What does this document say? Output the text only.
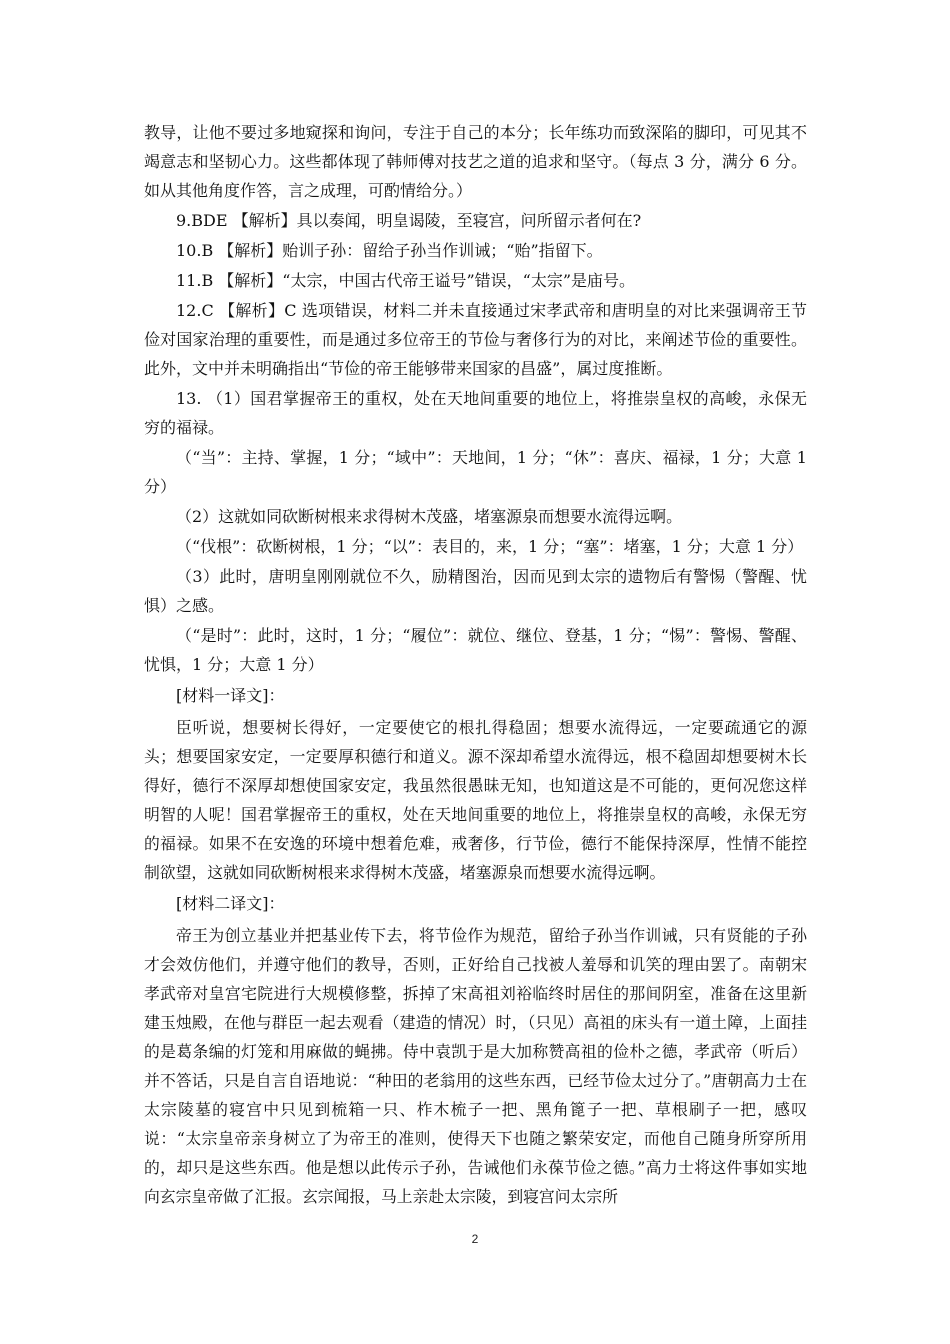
教导，让他不要过多地窥探和询问，专注于自己的本分；长年练功而致深陷的脚印，可见其不竭意志和坚韧心力。这些都体现了韩师傅对技艺之道的追求和坚守。（每点 3 分，满分 6 分。如从其他角度作答，言之成理，可酌情给分。）

9.BDE 【解析】具以奏闻，明皇谒陵，至寝宫，问所留示者何在?

10.B 【解析】贻训子孙：留给子孙当作训诫；“贻”指留下。

11.B 【解析】“太宗，中国古代帝王谥号”错误，“太宗”是庙号。

12.C 【解析】C 选项错误，材料二并未直接通过宋孝武帝和唐明皇的对比来强调帝王节俭对国家治理的重要性，而是通过多位帝王的节俭与奢侈行为的对比，来阐述节俭的重要性。此外，文中并未明确指出“节俭的帝王能够带来国家的昌盛”，属过度推断。

13. （1）国君掌握帝王的重权，处在天地间重要的地位上，将推崇皇权的高峻，永保无穷的福禄。

（“当”：主持、掌握，1 分；“域中”：天地间，1 分；“休”：喜庆、福禄，1 分；大意 1 分）

（2）这就如同砍断树根来求得树木茂盛，堵塞源泉而想要水流得远啊。

（“伐根”：砍断树根，1 分；“以”：表目的，来，1 分；“塞”：堵塞，1 分；大意 1 分）

（3）此时，唐明皇刚刚就位不久，励精图治，因而见到太宗的遗物后有警惕（警醒、忧惧）之感。

（“是时”：此时，这时，1 分；“履位”：就位、继位、登基，1 分；“惕”：警惕、警醒、忧惧，1 分；大意 1 分）

[材料一译文]：

臣听说，想要树长得好，一定要使它的根扎得稳固；想要水流得远，一定要疏通它的源头；想要国家安定，一定要厚积德行和道义。源不深却希望水流得远，根不稳固却想要树木长得好，德行不深厚却想使国家安定，我虽然很愚昧无知，也知道这是不可能的，更何况您这样明智的人呢！国君掌握帝王的重权，处在天地间重要的地位上，将推崇皇权的高峻，永保无穷的福禄。如果不在安逸的环境中想着危难，戒奢侈，行节俭，德行不能保持深厚，性情不能控制欲望，这就如同砍断树根来求得树木茂盛，堵塞源泉而想要水流得远啊。

[材料二译文]：

帝王为创立基业并把基业传下去，将节俭作为规范，留给子孙当作训诫，只有贤能的子孙才会效仿他们，并遵守他们的教导，否则，正好给自己找被人羞辱和讥笑的理由罢了。南朝宋孝武帝对皇宫宅院进行大规模修整，拆掉了宋高祖刘裕临终时居住的那间阴室，准备在这里新建玉烛殿，在他与群臣一起去观看（建造的情况）时，（只见）高祖的床头有一道土障，上面挂的是葛条编的灯笼和用麻做的蝇拂。侍中袁凯于是大加称赞高祖的俭朴之德，孝武帝（听后）并不答话，只是自言自语地说：“种田的老翁用的这些东西，已经节俭太过分了。”唐朝高力士在太宗陵墓的寝宫中只见到梳箱一只、柞木梳子一把、黑角篦子一把、草根刷子一把，感叹说：“太宗皇帝亲身树立了为帝王的准则，使得天下也随之繁荣安定，而他自己随身所穿所用的，却只是这些东西。他是想以此传示子孙，告诫他们永葆节俭之德。”高力士将这件事如实地向玄宗皇帝做了汇报。玄宗闻报，马上亲赴太宗陵，到寝宫问太宗所

2
